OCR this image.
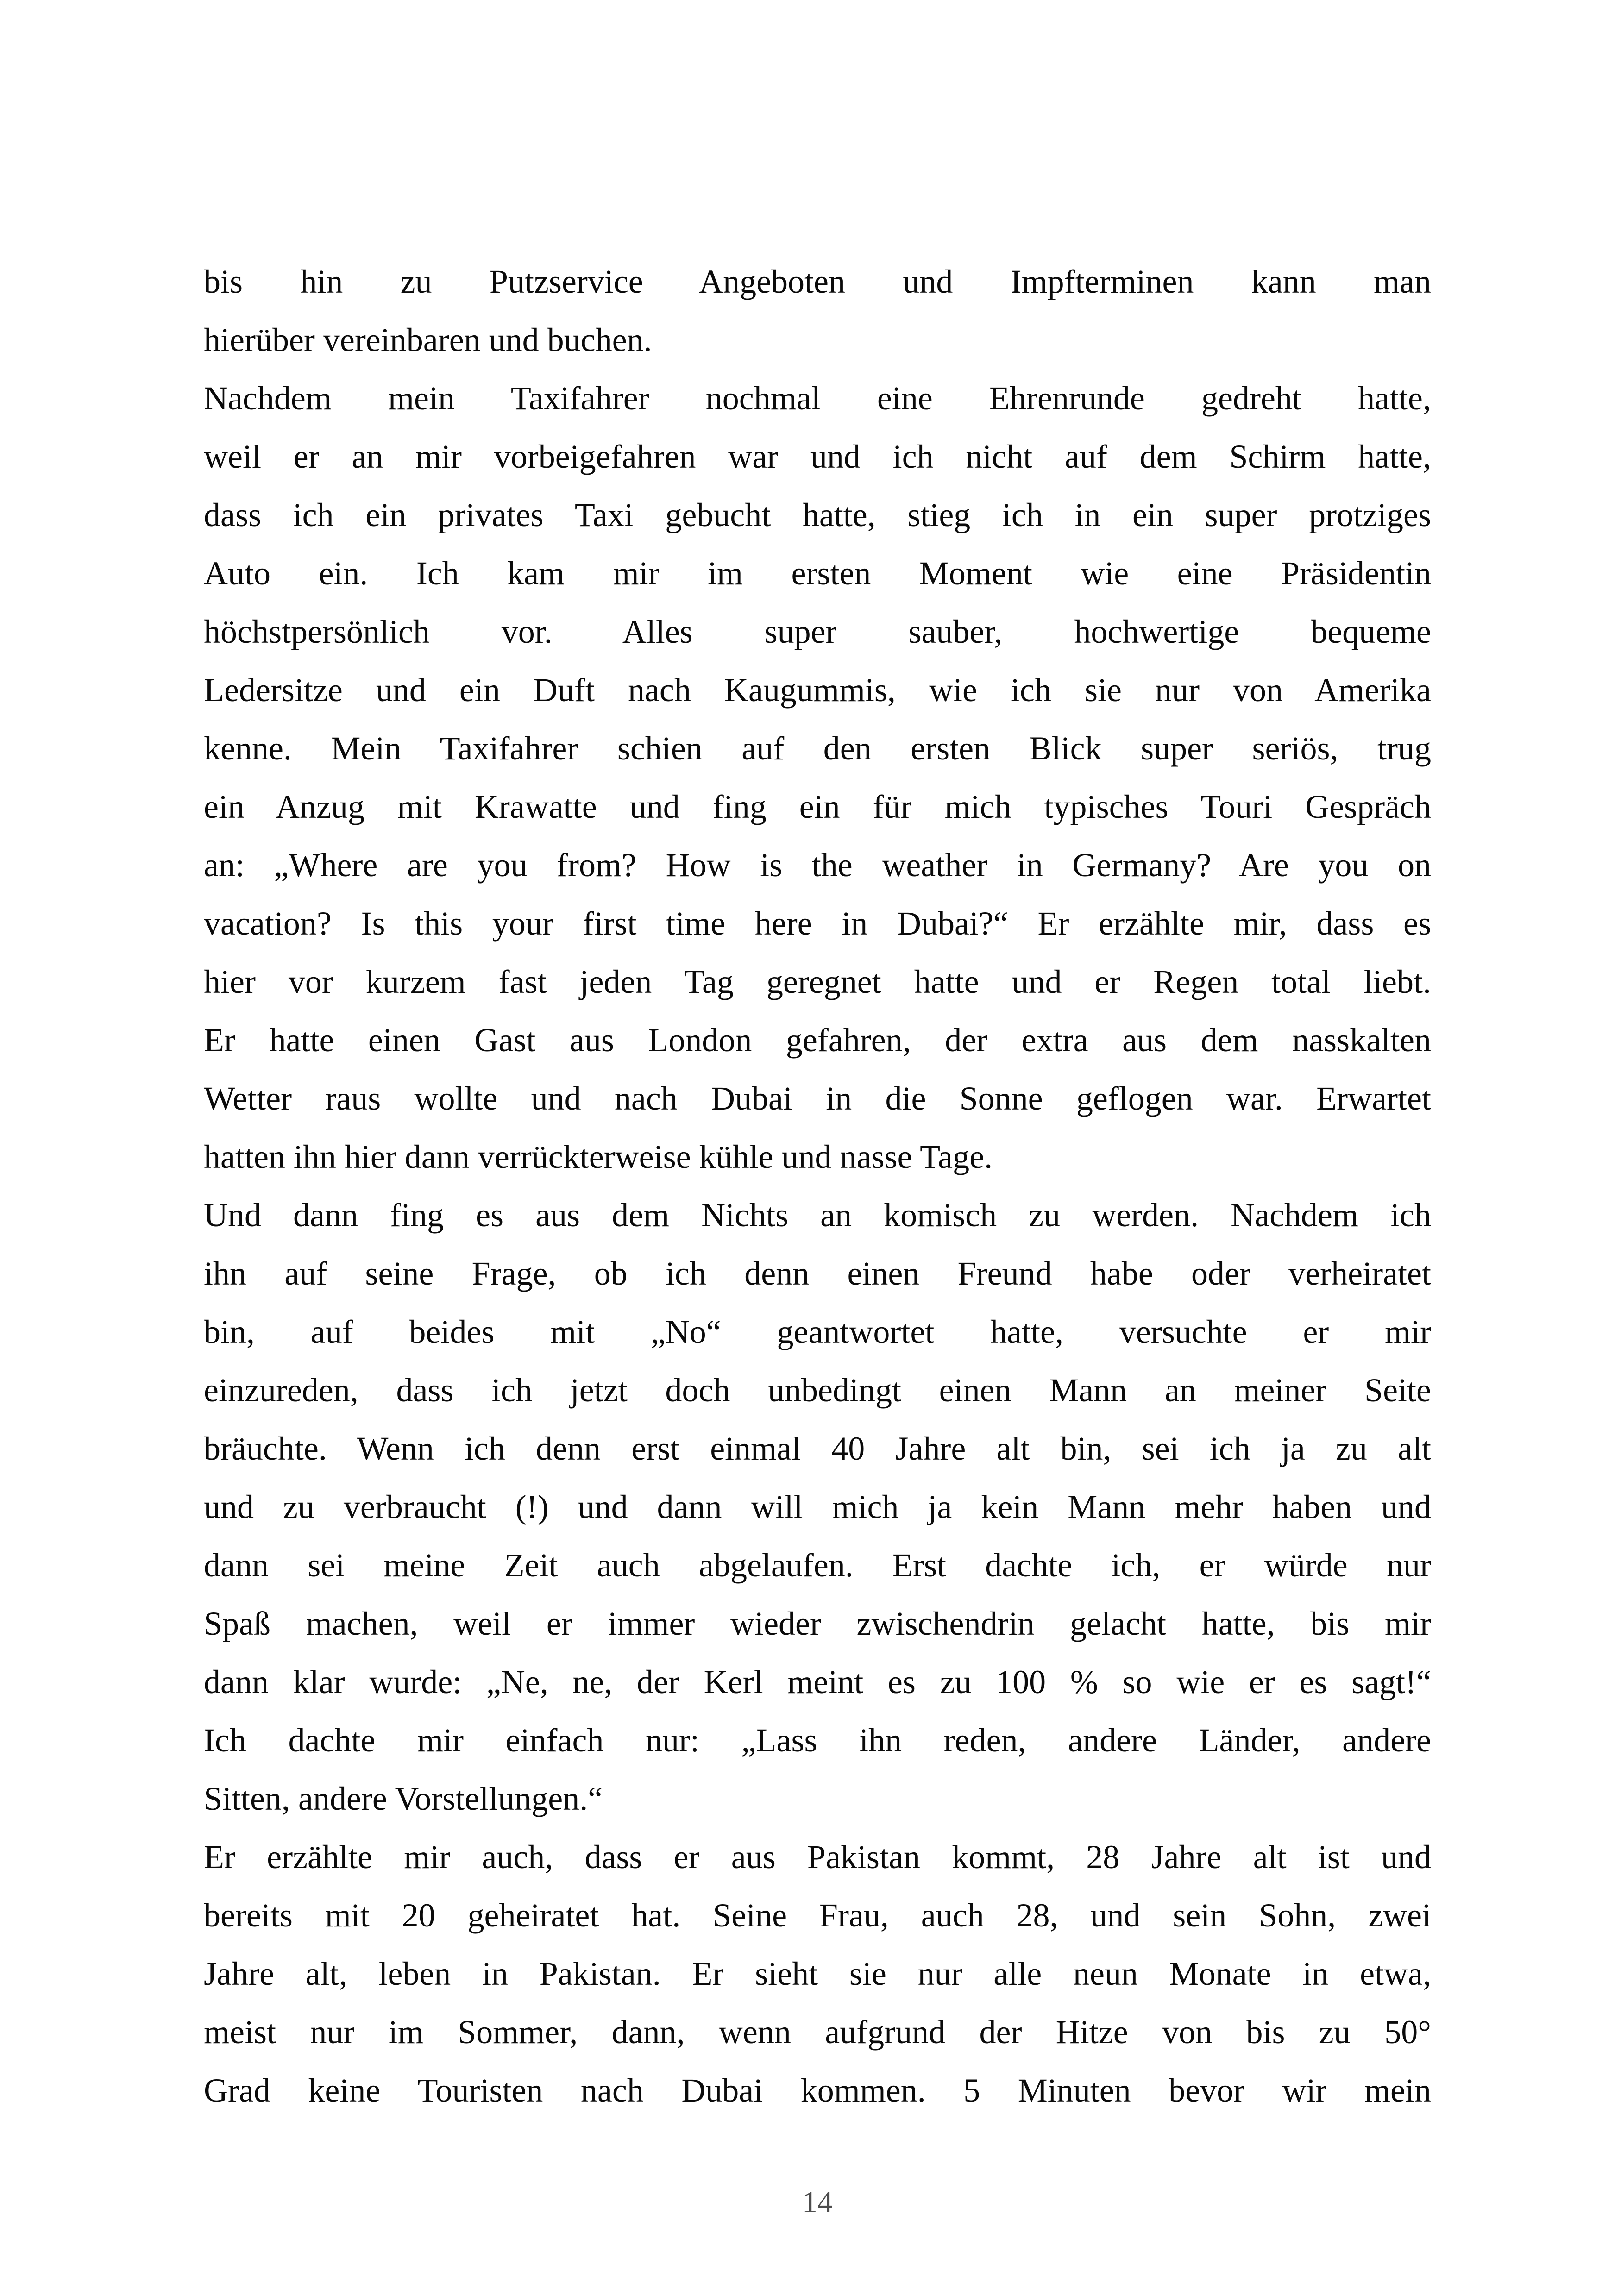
bis hin zu Putzservice Angeboten und Impfterminen kann man
hierüber vereinbaren und buchen.
Nachdem mein Taxifahrer nochmal eine Ehrenrunde gedreht hatte,
weil er an mir vorbeigefahren war und ich nicht auf dem Schirm hatte,
dass ich ein privates Taxi gebucht hatte, stieg ich in ein super protziges
Auto ein. Ich kam mir im ersten Moment wie eine Präsidentin
höchstpersönlich vor. Alles super sauber, hochwertige bequeme
Ledersitze und ein Duft nach Kaugummis, wie ich sie nur von Amerika
kenne. Mein Taxifahrer schien auf den ersten Blick super seriös, trug
ein Anzug mit Krawatte und fing ein für mich typisches Touri Gespräch
an: „Where are you from? How is the weather in Germany? Are you on
vacation? Is this your first time here in Dubai?“ Er erzählte mir, dass es
hier vor kurzem fast jeden Tag geregnet hatte und er Regen total liebt.
Er hatte einen Gast aus London gefahren, der extra aus dem nasskalten
Wetter raus wollte und nach Dubai in die Sonne geflogen war. Erwartet
hatten ihn hier dann verrückterweise kühle und nasse Tage.
Und dann fing es aus dem Nichts an komisch zu werden. Nachdem ich
ihn auf seine Frage, ob ich denn einen Freund habe oder verheiratet
bin, auf beides mit „No“ geantwortet hatte, versuchte er mir
einzureden, dass ich jetzt doch unbedingt einen Mann an meiner Seite
bräuchte. Wenn ich denn erst einmal 40 Jahre alt bin, sei ich ja zu alt
und zu verbraucht (!) und dann will mich ja kein Mann mehr haben und
dann sei meine Zeit auch abgelaufen. Erst dachte ich, er würde nur
Spaß machen, weil er immer wieder zwischendrin gelacht hatte, bis mir
dann klar wurde: „Ne, ne, der Kerl meint es zu 100 % so wie er es sagt!“
Ich dachte mir einfach nur: „Lass ihn reden, andere Länder, andere
Sitten, andere Vorstellungen.“
Er erzählte mir auch, dass er aus Pakistan kommt, 28 Jahre alt ist und
bereits mit 20 geheiratet hat. Seine Frau, auch 28, und sein Sohn, zwei
Jahre alt, leben in Pakistan. Er sieht sie nur alle neun Monate in etwa,
meist nur im Sommer, dann, wenn aufgrund der Hitze von bis zu 50°
Grad keine Touristen nach Dubai kommen. 5 Minuten bevor wir mein
14
